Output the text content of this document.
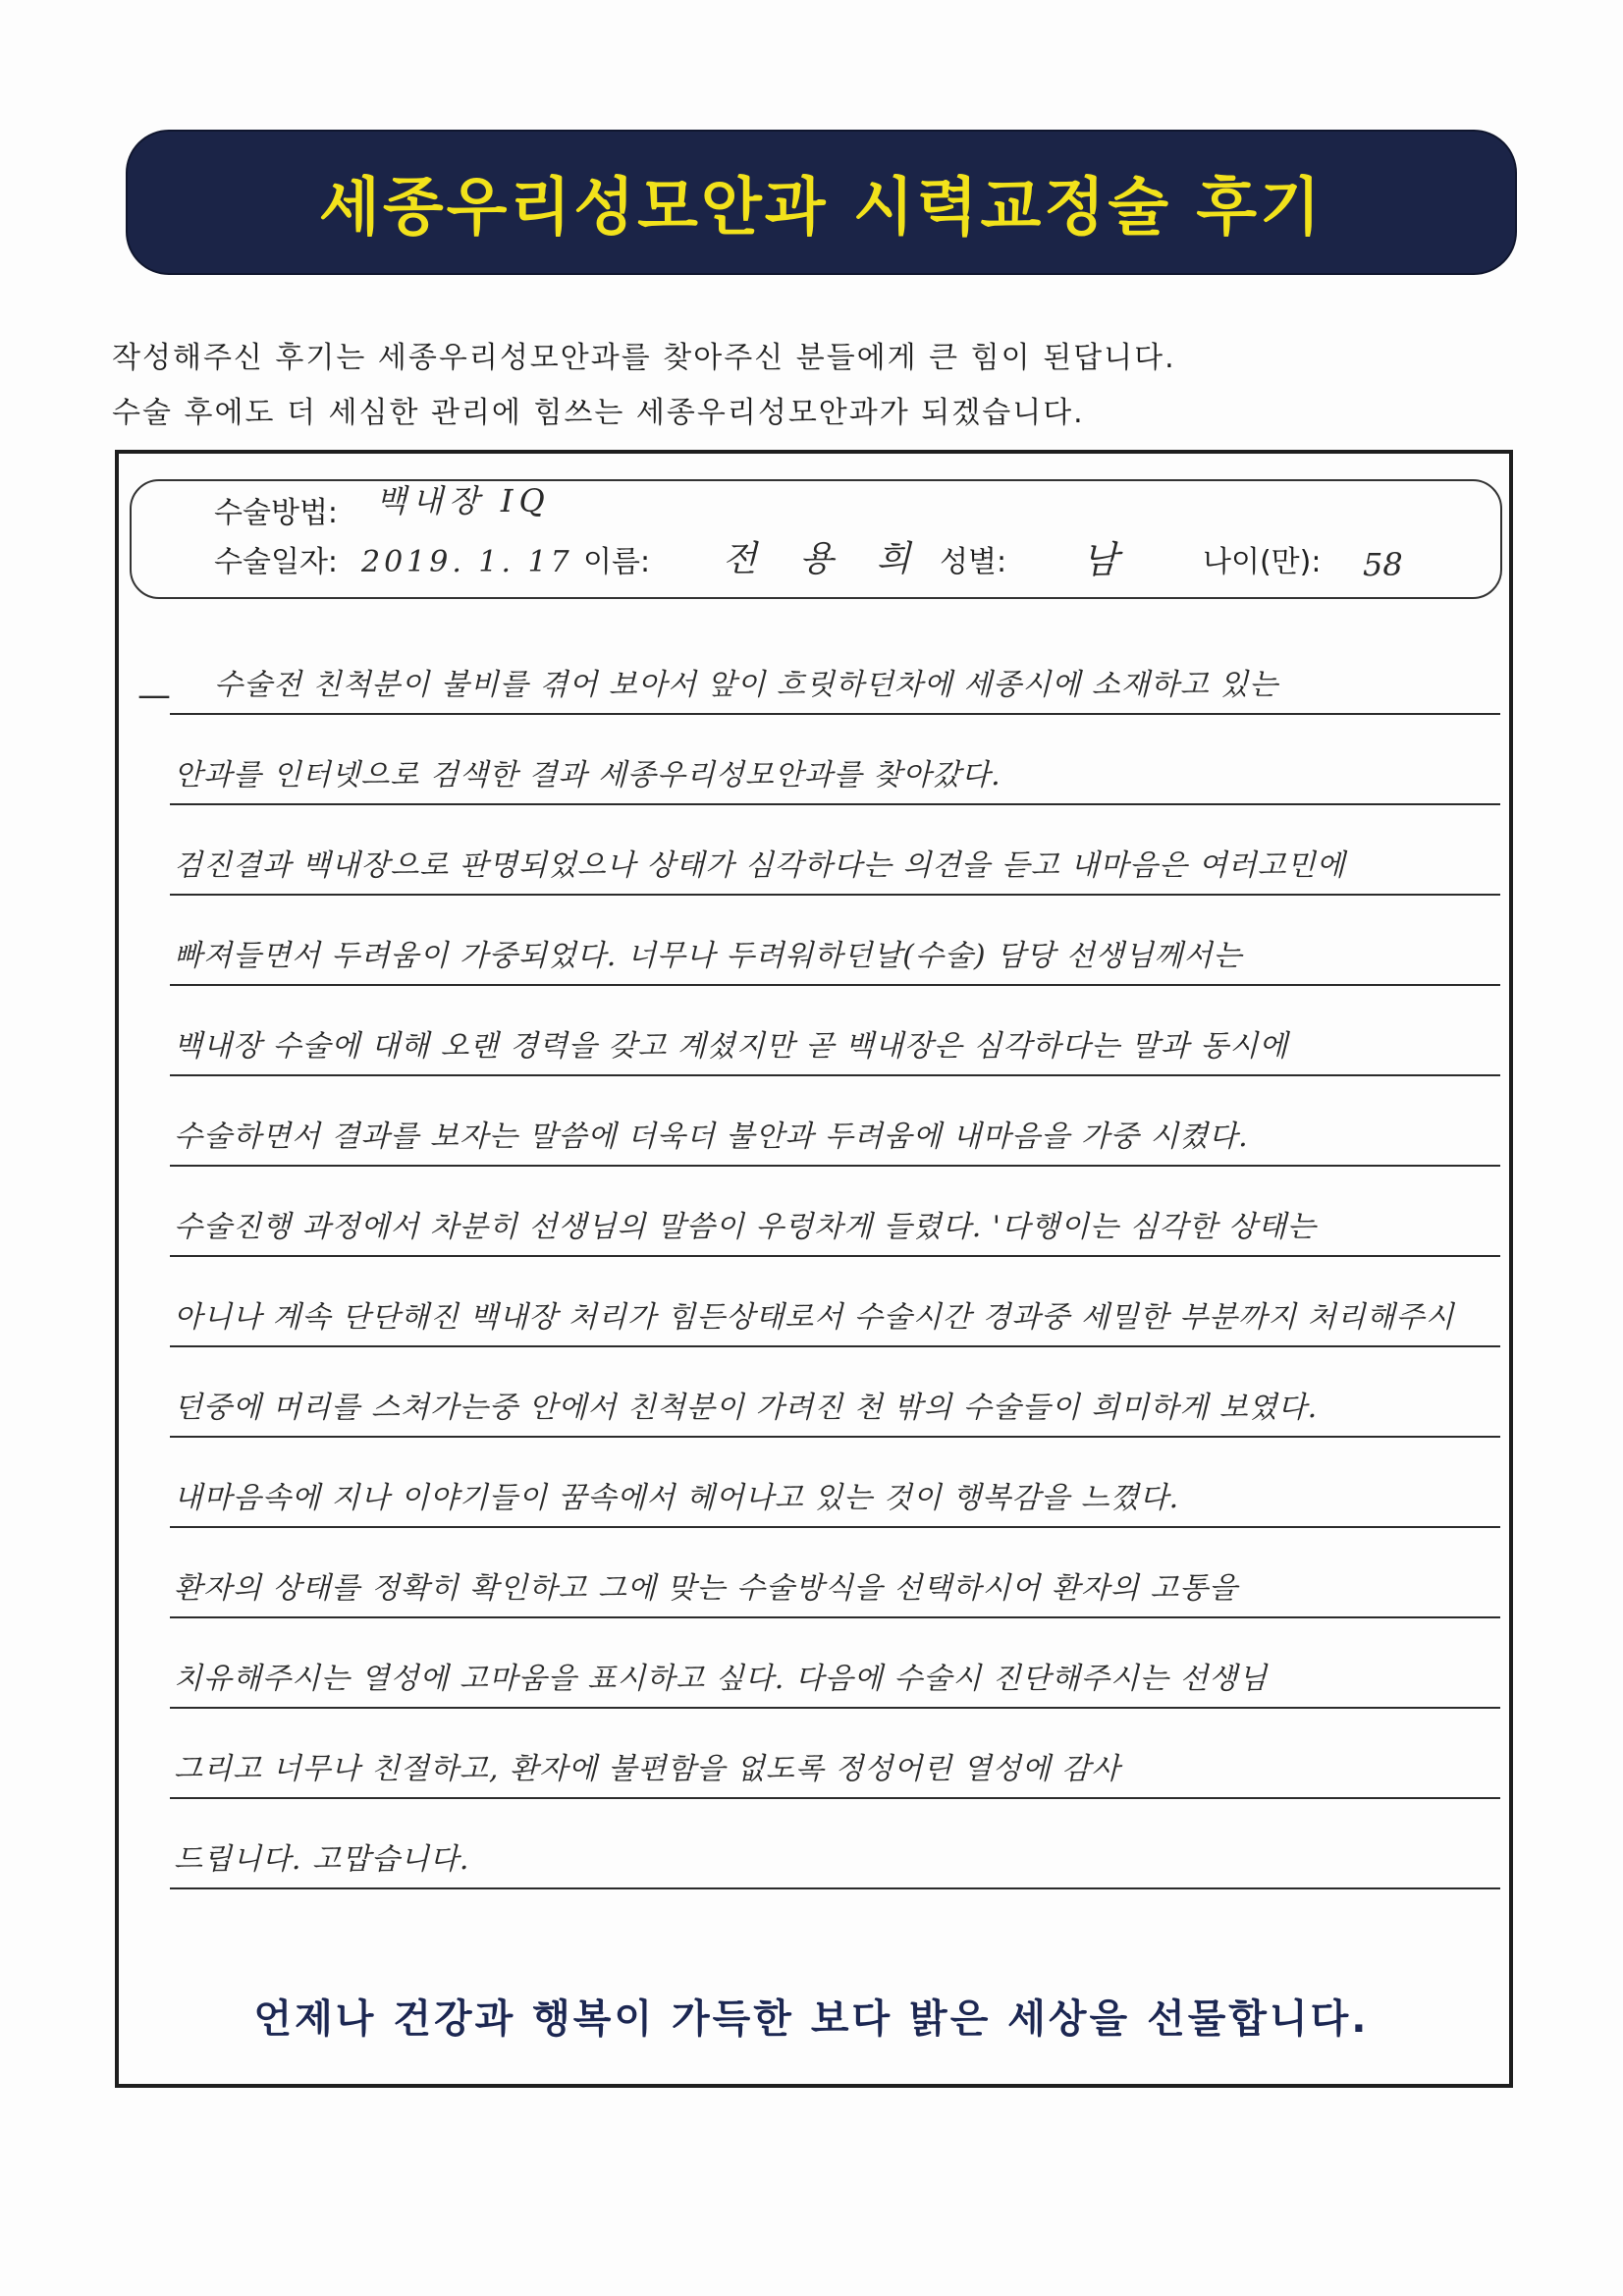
세종우리성모안과 시력교정술 후기
작성해주신 후기는 세종우리성모안과를 찾아주신 분들에게 큰 힘이 된답니다.
수술 후에도 더 세심한 관리에 힘쓰는 세종우리성모안과가 되겠습니다.
수술방법: 백내장 IQ
수술일자: 2019. 1. 17 이름: 전 용 희 성별: 남	나이(만): 58
—	수술전 친척분이 불비를 겪어 보아서 앞이 흐릿하던차에 세종시에 소재하고 있는
안과를 인터넷으로 검색한 결과 세종우리성모안과를 찾아갔다.
검진결과 백내장으로 판명되었으나 상태가 심각하다는 의견을 듣고 내마음은 여러고민에
빠져들면서 두려움이 가중되었다. 너무나 두려워하던날(수술) 담당 선생님께서는
백내장 수술에 대해 오랜 경력을 갖고 계셨지만 곧 백내장은 심각하다는 말과 동시에
수술하면서 결과를 보자는 말씀에 더욱더 불안과 두려움에 내마음을 가중 시켰다.
수술진행 과정에서 차분히 선생님의 말씀이 우렁차게 들렸다. '다행이는 심각한 상태는
아니나 계속 단단해진 백내장 처리가 힘든상태로서 수술시간 경과중 세밀한 부분까지 처리해주시
던중에 머리를 스쳐가는중 안에서 친척분이 가려진 천 밖의 수술들이 희미하게 보였다.
내마음속에 지나 이야기들이 꿈속에서 헤어나고 있는 것이 행복감을 느꼈다.
환자의 상태를 정확히 확인하고 그에 맞는 수술방식을 선택하시어 환자의 고통을
치유해주시는 열성에 고마움을 표시하고 싶다. 다음에 수술시 진단해주시는 선생님
그리고 너무나 친절하고, 환자에 불편함을 없도록 정성어린 열성에 감사
드립니다. 고맙습니다.
언제나 건강과 행복이 가득한 보다 밝은 세상을 선물합니다.
